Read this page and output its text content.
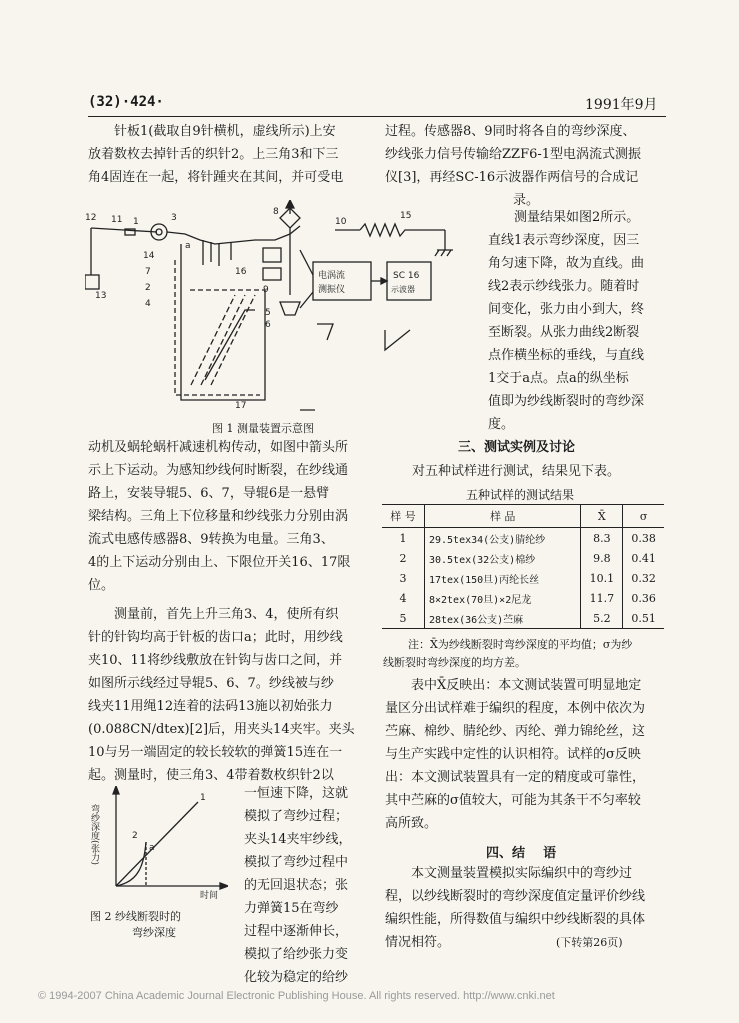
(32)·424·	1991年9月
针板1(截取自9针横机，虚线所示)上安
放着数枚去掉针舌的织针2。上三角3和下三
角4固连在一起，将针踵夹在其间，并可受电
过程。传感器8、9同时将各自的弯纱深度、
纱线张力信号传输给ZZF6-1型电涡流式测振
仪[3]，再经SC-16示波器作两信号的合成记
录。
12 11 1	3
14
7
2
8
10
15
16
9
4
5
6
13
17
a
电涡流
测振仪
SC 16
示波器
图 1 测量装置示意图
测量结果如图2所示。
直线1表示弯纱深度，因三
角匀速下降，故为直线。曲
线2表示纱线张力。随着时
间变化，张力由小到大，终
至断裂。从张力曲线2断裂
点作横坐标的垂线，与直线
1交于a点。点a的纵坐标
值即为纱线断裂时的弯纱深
度。
动机及蜗轮蜗杆减速机构传动，如图中箭头所
示上下运动。为感知纱线何时断裂，在纱线通
路上，安装导辊5、6、7，导辊6是一悬臂
梁结构。三角上下位移量和纱线张力分别由涡
流式电感传感器8、9转换为电量。三角3、
4的上下运动分别由上、下限位开关16、17限
位。
测量前，首先上升三角3、4，使所有织
针的针钩均高于针板的齿口a；此时，用纱线
夹10、11将纱线敷放在针钩与齿口之间，并
如图所示线经过导辊5、6、7。纱线被与纱
线夹11用绳12连着的法码13施以初始张力
(0.088CN/dtex)[2]后，用夹头14夹牢。夹头
10与另一端固定的较长较软的弹簧15连在一
起。测量时，使三角3、4带着数枚织针2以
弯纱深度(张力)
时间
1
2
a
图 2 纱线断裂时的
弯纱深度
一恒速下降，这就
模拟了弯纱过程；
夹头14夹牢纱线，
模拟了弯纱过程中
的无回退状态；张
力弹簧15在弯纱
过程中逐渐伸长，
模拟了给纱张力变
化较为稳定的给纱
三、测试实例及讨论
对五种试样进行测试，结果见下表。
五种试样的测试结果
样 号	样 品	X̄	σ
1	29.5tex34(公支)腈纶纱	8.3	0.38
2	30.5tex(32公支)棉纱	9.8	0.41
3	17tex(150旦)丙纶长丝	10.1	0.32
4	8×2tex(70旦)×2尼龙	11.7	0.36
5	28tex(36公支)苎麻	5.2	0.51
注：X̄为纱线断裂时弯纱深度的平均值；σ为纱
线断裂时弯纱深度的均方差。
表中X̄反映出：本文测试装置可明显地定
量区分出试样难于编织的程度，本例中依次为
苎麻、棉纱、腈纶纱、丙纶、弹力锦纶丝，这
与生产实践中定性的认识相符。试样的σ反映
出：本文测试装置具有一定的精度或可靠性，
其中苎麻的σ值较大，可能为其条干不匀率较
高所致。
四、结    语
本文测量装置模拟实际编织中的弯纱过
程，以纱线断裂时的弯纱深度值定量评价纱线
编织性能，所得数值与编织中纱线断裂的具体
情况相符。	(下转第26页)
© 1994-2007 China Academic Journal Electronic Publishing House. All rights reserved. http://www.cnki.net
